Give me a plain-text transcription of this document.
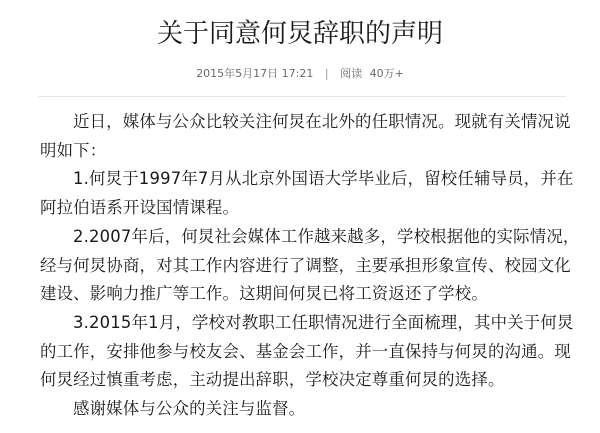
关于同意何炅辞职的声明
2015年5月17日 17:21 | 阅读 40万+

近日，媒体与公众比较关注何炅在北外的任职情况。现就有关情况说明如下：

1.何炅于1997年7月从北京外国语大学毕业后，留校任辅导员，并在阿拉伯语系开设国情课程。

2.2007年后，何炅社会媒体工作越来越多，学校根据他的实际情况，经与何炅协商，对其工作内容进行了调整，主要承担形象宣传、校园文化建设、影响力推广等工作。这期间何炅已将工资返还了学校。

3.2015年1月，学校对教职工任职情况进行全面梳理，其中关于何炅的工作，安排他参与校友会、基金会工作，并一直保持与何炅的沟通。现何炅经过慎重考虑，主动提出辞职，学校决定尊重何炅的选择。

感谢媒体与公众的关注与监督。
